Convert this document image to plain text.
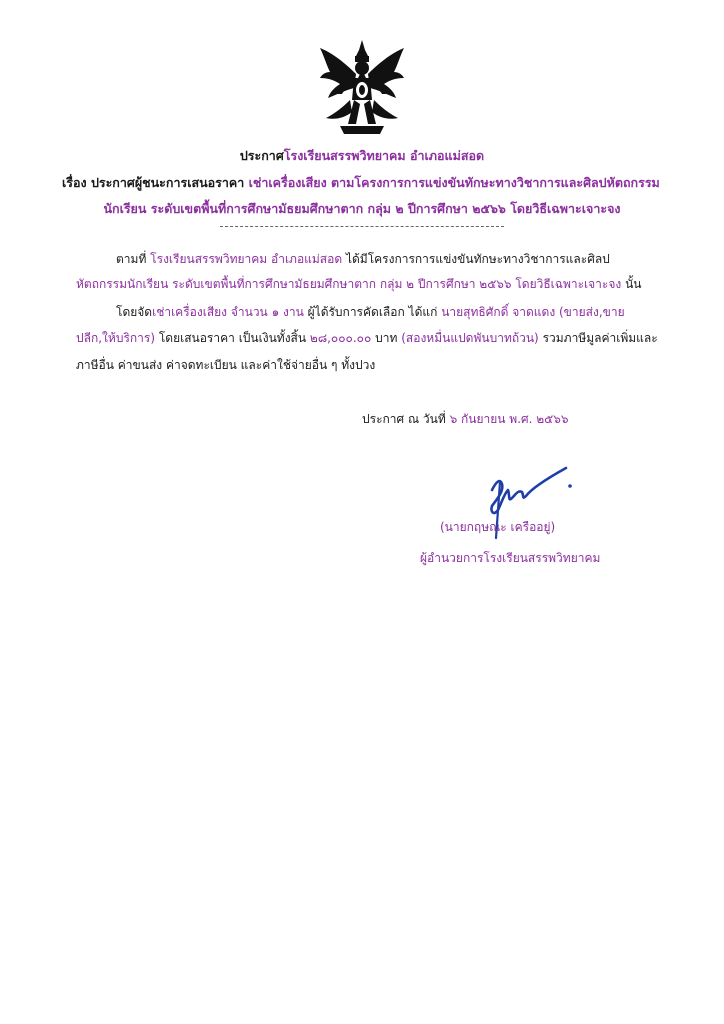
ประกาศโรงเรียนสรรพวิทยาคม อำเภอแม่สอด
เรื่อง ประกาศผู้ชนะการเสนอราคา เช่าเครื่องเสียง ตามโครงการการแข่งขันทักษะทางวิชาการและศิลปหัตถกรรม
นักเรียน ระดับเขตพื้นที่การศึกษามัธยมศึกษาตาก กลุ่ม ๒ ปีการศึกษา ๒๕๖๖ โดยวิธีเฉพาะเจาะจง
ตามที่ โรงเรียนสรรพวิทยาคม อำเภอแม่สอด ได้มีโครงการการแข่งขันทักษะทางวิชาการและศิลป
หัตถกรรมนักเรียน ระดับเขตพื้นที่การศึกษามัธยมศึกษาตาก กลุ่ม ๒ ปีการศึกษา ๒๕๖๖ โดยวิธีเฉพาะเจาะจง นั้น
โดยจัดเช่าเครื่องเสียง จำนวน ๑ งาน ผู้ได้รับการคัดเลือก ได้แก่ นายสุทธิศักดิ์ จาดแดง (ขายส่ง,ขาย
ปลีก,ให้บริการ) โดยเสนอราคา เป็นเงินทั้งสิ้น ๒๘,๐๐๐.๐๐ บาท (สองหมื่นแปดพันบาทถ้วน) รวมภาษีมูลค่าเพิ่มและ
ภาษีอื่น ค่าขนส่ง ค่าจดทะเบียน และค่าใช้จ่ายอื่น ๆ ทั้งปวง
ประกาศ ณ วันที่ ๖ กันยายน พ.ศ. ๒๕๖๖
(นายกฤษณะ เครืออยู่)
ผู้อำนวยการโรงเรียนสรรพวิทยาคม
